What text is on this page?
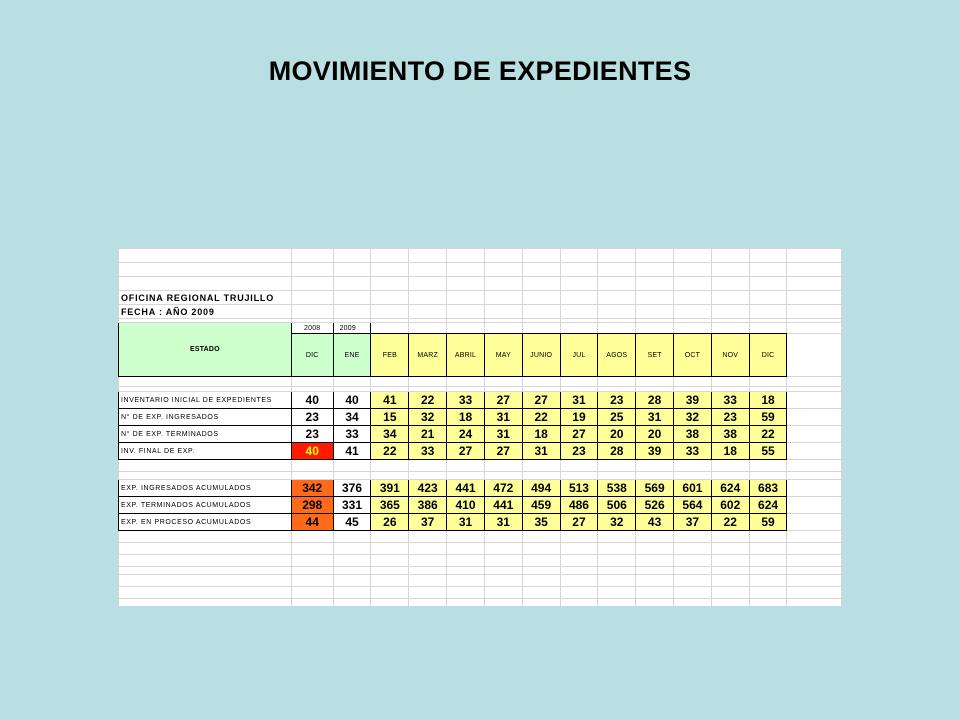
MOVIMIENTO DE EXPEDIENTES

OFICINA REGIONAL TRUJILLO														
FECHA : AÑO 2009														

ESTADO	2008	2009												
	DIC	ENE	FEB	MARZ	ABRIL	MAY	JUNIO	JUL	AGOS	SET	OCT	NOV	DIC	

INVENTARIO INICIAL DE EXPEDIENTES	40	40	41	22	33	27	27	31	23	28	39	33	18	
N° DE EXP. INGRESADOS	23	34	15	32	18	31	22	19	25	31	32	23	59	
N° DE EXP. TERMINADOS	23	33	34	21	24	31	18	27	20	20	38	38	22	
INV. FINAL DE EXP.	40	41	22	33	27	27	31	23	28	39	33	18	55	

EXP. INGRESADOS ACUMULADOS	342	376	391	423	441	472	494	513	538	569	601	624	683	
EXP. TERMINADOS ACUMULADOS	298	331	365	386	410	441	459	486	506	526	564	602	624	
EXP. EN PROCESO ACUMULADOS	44	45	26	37	31	31	35	27	32	43	37	22	59	
